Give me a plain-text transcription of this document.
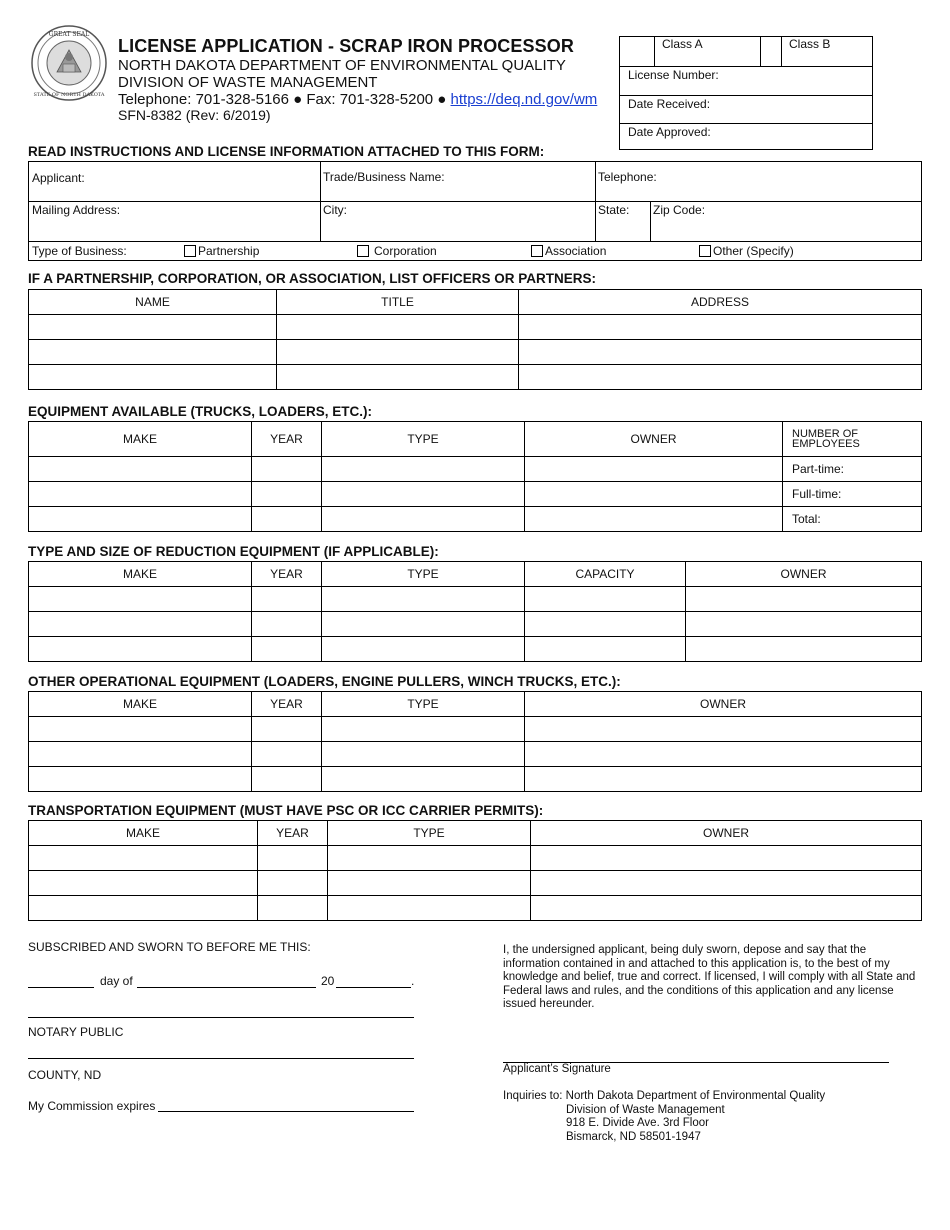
GREAT SEAL
STATE OF NORTH DAKOTA
LICENSE APPLICATION - SCRAP IRON PROCESSOR
NORTH DAKOTA DEPARTMENT OF ENVIRONMENTAL QUALITY
DIVISION OF WASTE MANAGEMENT
Telephone: 701-328-5166 ● Fax: 701-328-5200 ● https://deq.nd.gov/wm
SFN-8382 (Rev: 6/2019)
Class A	Class B
License Number:
Date Received:
Date Approved:
READ INSTRUCTIONS AND LICENSE INFORMATION ATTACHED TO THIS FORM:
Applicant:	Trade/Business Name:	Telephone:
Mailing Address:	City:	State: Zip Code:
Type of Business:	Partnership	Corporation	Association	Other (Specify)
IF A PARTNERSHIP, CORPORATION, OR ASSOCIATION, LIST OFFICERS OR PARTNERS:
NAME	TITLE	ADDRESS

EQUIPMENT AVAILABLE (TRUCKS, LOADERS, ETC.):
MAKE	YEAR	TYPE	OWNER	NUMBER OF EMPLOYEES
				Part-time:
				Full-time:
				Total:
TYPE AND SIZE OF REDUCTION EQUIPMENT (IF APPLICABLE):
MAKE	YEAR	TYPE	CAPACITY	OWNER

OTHER OPERATIONAL EQUIPMENT (LOADERS, ENGINE PULLERS, WINCH TRUCKS, ETC.):
MAKE	YEAR	TYPE	OWNER

TRANSPORTATION EQUIPMENT (MUST HAVE PSC OR ICC CARRIER PERMITS):
MAKE	YEAR	TYPE	OWNER

SUBSCRIBED AND SWORN TO BEFORE ME THIS:
day of	20	.
NOTARY PUBLIC
COUNTY, ND
My Commission expires
I, the undersigned applicant, being duly sworn, depose and say that the information contained in and attached to this application is, to the best of my knowledge and belief, true and correct. If licensed, I will comply with all State and Federal laws and rules, and the conditions of this application and any license issued hereunder.
Applicant’s Signature
Inquiries to: North Dakota Department of Environmental Quality
Division of Waste Management
918 E. Divide Ave. 3rd Floor
Bismarck, ND 58501-1947
